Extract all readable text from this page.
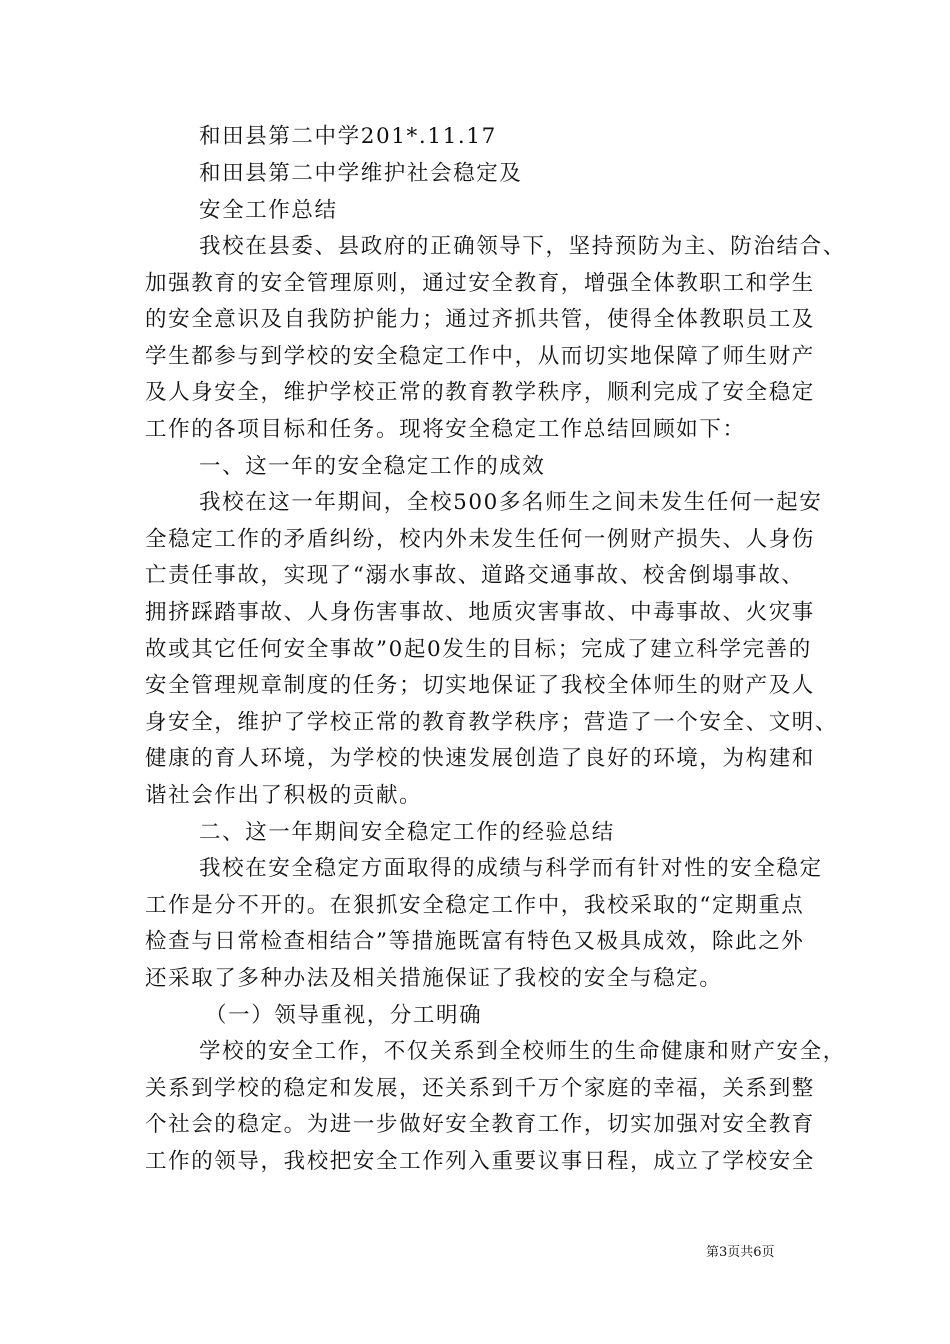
和田县第二中学201*.11.17
和田县第二中学维护社会稳定及
安全工作总结
我校在县委、县政府的正确领导下，坚持预防为主、防治结合、
加强教育的安全管理原则，通过安全教育，增强全体教职工和学生
的安全意识及自我防护能力；通过齐抓共管，使得全体教职员工及
学生都参与到学校的安全稳定工作中，从而切实地保障了师生财产
及人身安全，维护学校正常的教育教学秩序，顺利完成了安全稳定
工作的各项目标和任务。现将安全稳定工作总结回顾如下：
一、这一年的安全稳定工作的成效
我校在这一年期间，全校500多名师生之间未发生任何一起安
全稳定工作的矛盾纠纷，校内外未发生任何一例财产损失、人身伤
亡责任事故，实现了“溺水事故、道路交通事故、校舍倒塌事故、
拥挤踩踏事故、人身伤害事故、地质灾害事故、中毒事故、火灾事
故或其它任何安全事故”0起0发生的目标；完成了建立科学完善的
安全管理规章制度的任务；切实地保证了我校全体师生的财产及人
身安全，维护了学校正常的教育教学秩序；营造了一个安全、文明、
健康的育人环境，为学校的快速发展创造了良好的环境，为构建和
谐社会作出了积极的贡献。
二、这一年期间安全稳定工作的经验总结
我校在安全稳定方面取得的成绩与科学而有针对性的安全稳定
工作是分不开的。在狠抓安全稳定工作中，我校采取的“定期重点
检查与日常检查相结合”等措施既富有特色又极具成效，除此之外
还采取了多种办法及相关措施保证了我校的安全与稳定。
（一）领导重视，分工明确
学校的安全工作，不仅关系到全校师生的生命健康和财产安全，
关系到学校的稳定和发展，还关系到千万个家庭的幸福，关系到整
个社会的稳定。为进一步做好安全教育工作，切实加强对安全教育
工作的领导，我校把安全工作列入重要议事日程，成立了学校安全
第3页共6页
